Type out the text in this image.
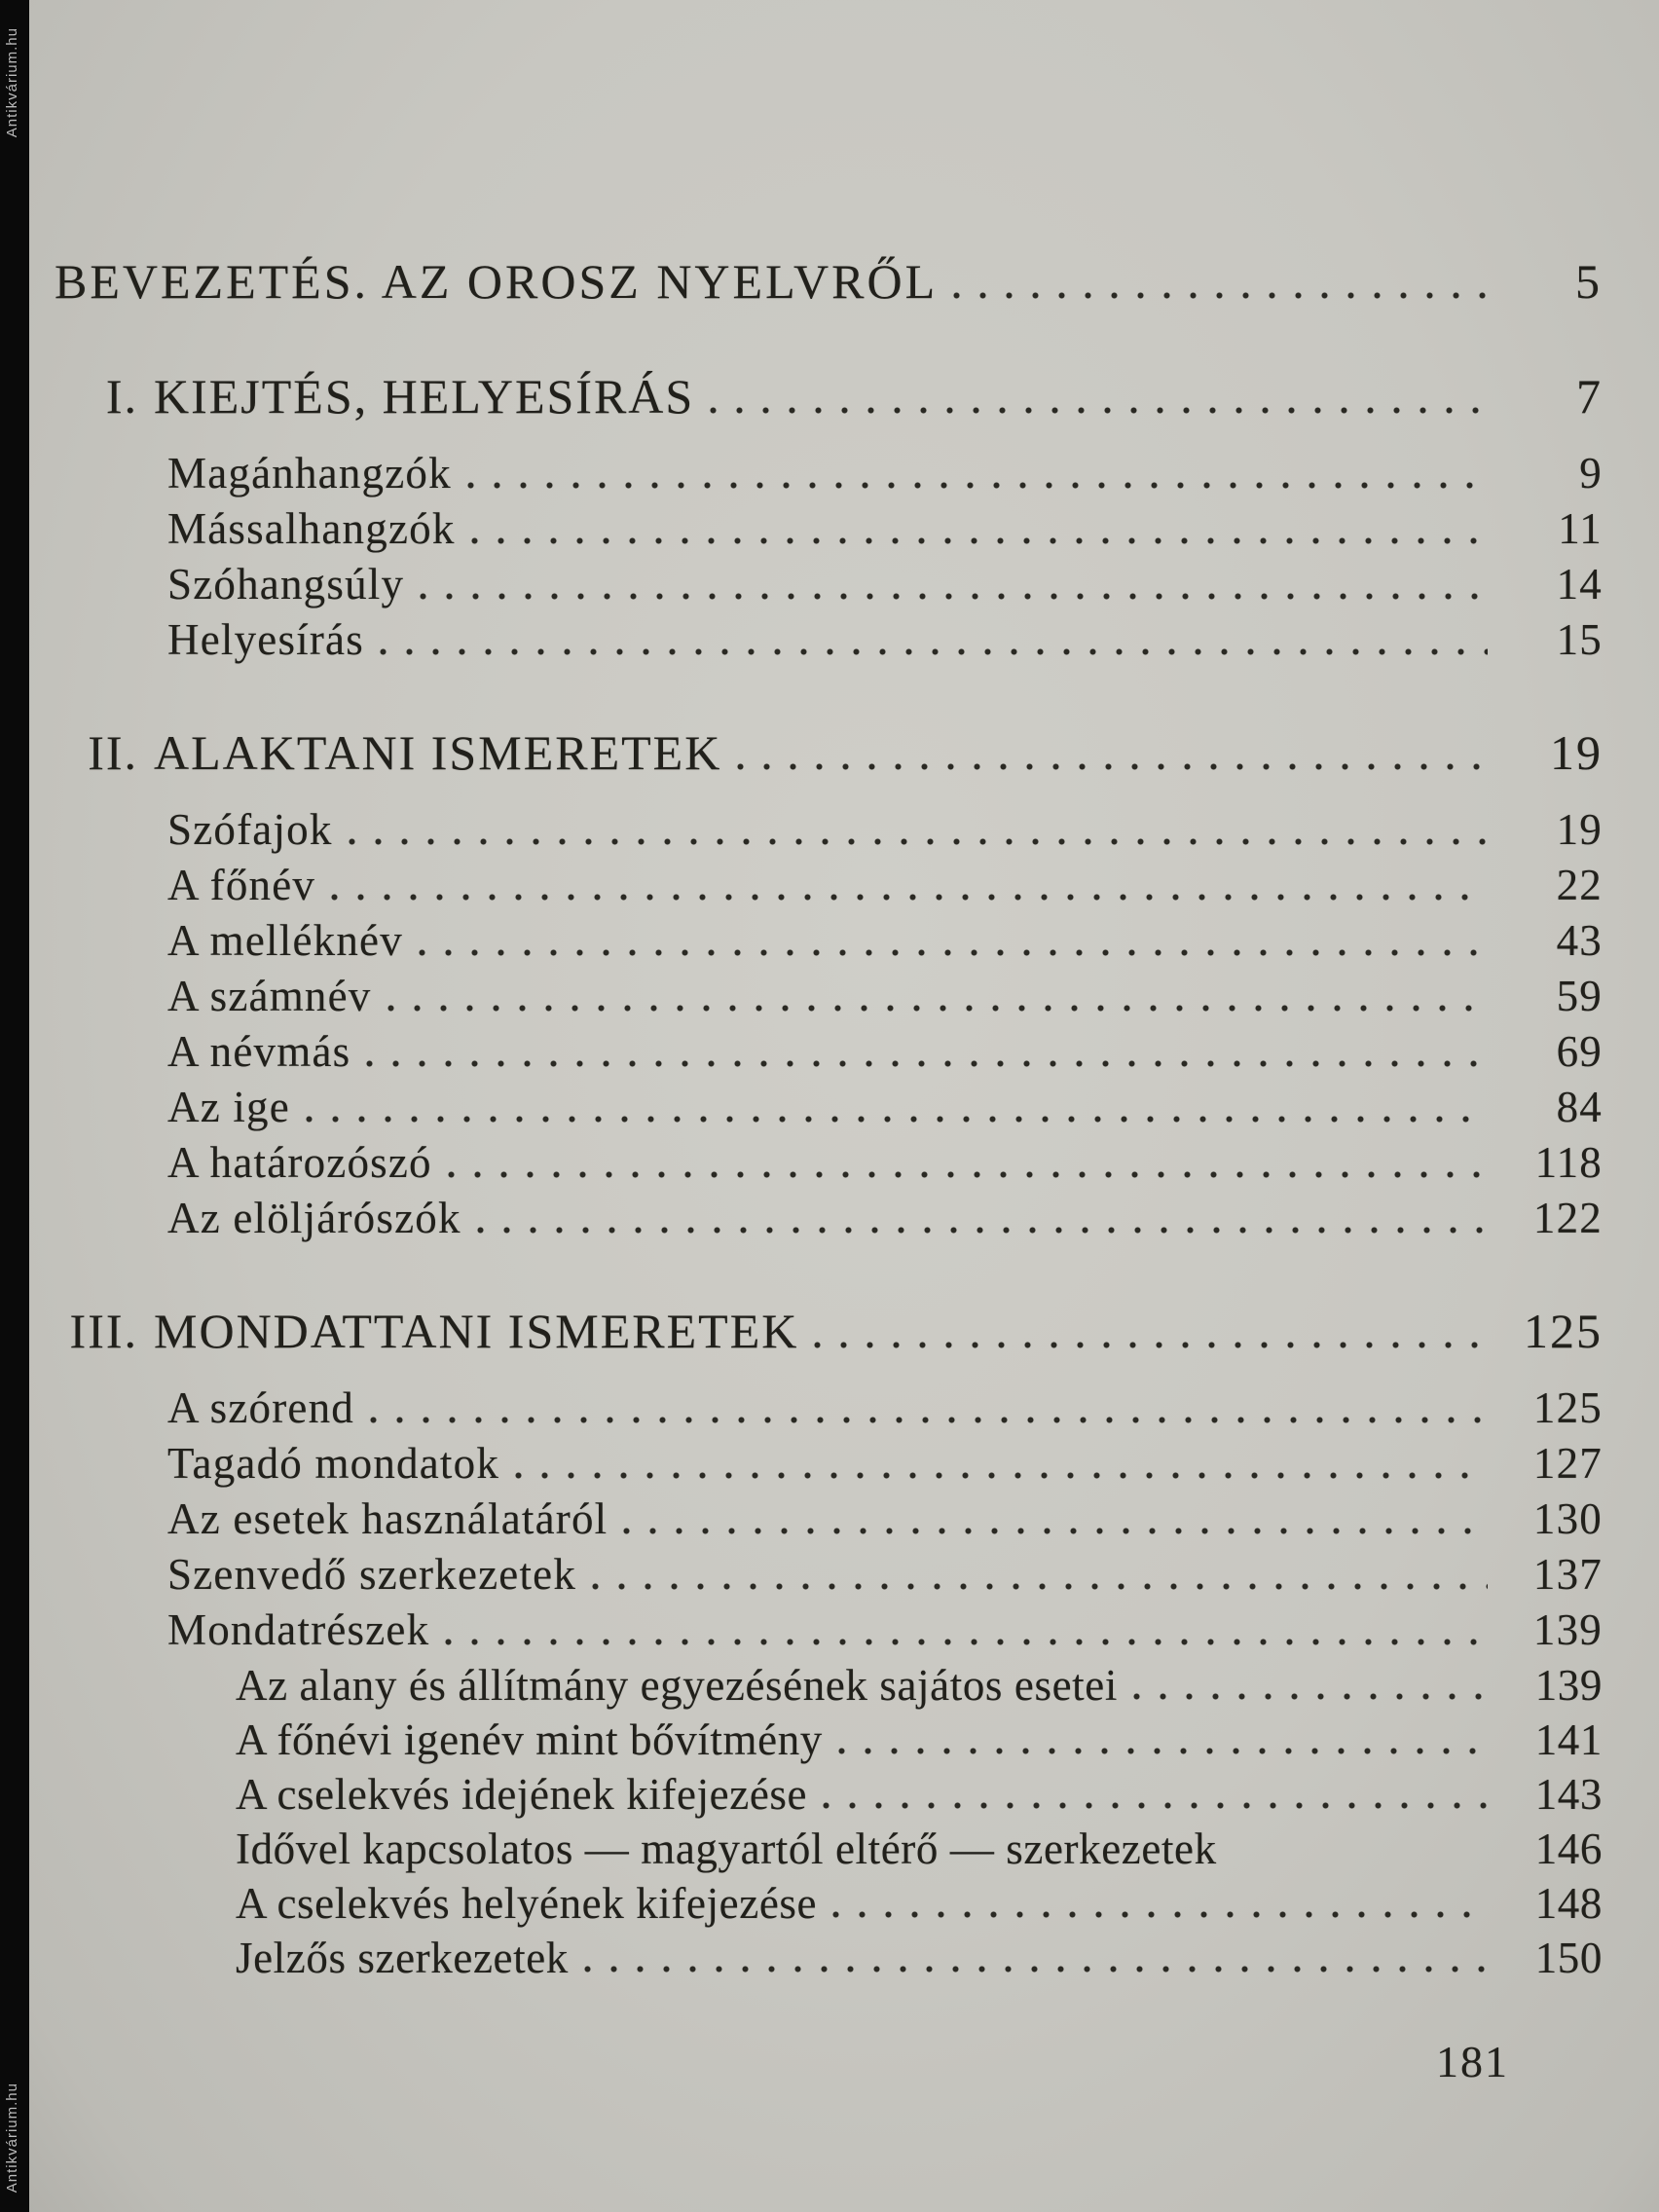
Antikvárium.hu
Antikvárium.hu
BEVEZETÉS. AZ OROSZ NYELVRŐL	5
I. KIEJTÉS, HELYESÍRÁS	7
Magánhangzók	9
Mássalhangzók	11
Szóhangsúly	14
Helyesírás	15
II. ALAKTANI ISMERETEK	19
Szófajok	19
A főnév	22
A melléknév	43
A számnév	59
A névmás	69
Az ige	84
A határozószó	118
Az elöljárószók	122
III. MONDATTANI ISMERETEK	125
A szórend	125
Tagadó mondatok	127
Az esetek használatáról	130
Szenvedő szerkezetek	137
Mondatrészek	139
Az alany és állítmány egyezésének sajátos esetei	139
A főnévi igenév mint bővítmény	141
A cselekvés idejének kifejezése	143
Idővel kapcsolatos — magyartól eltérő — szerkezetek	146
A cselekvés helyének kifejezése	148
Jelzős szerkezetek	150
181
